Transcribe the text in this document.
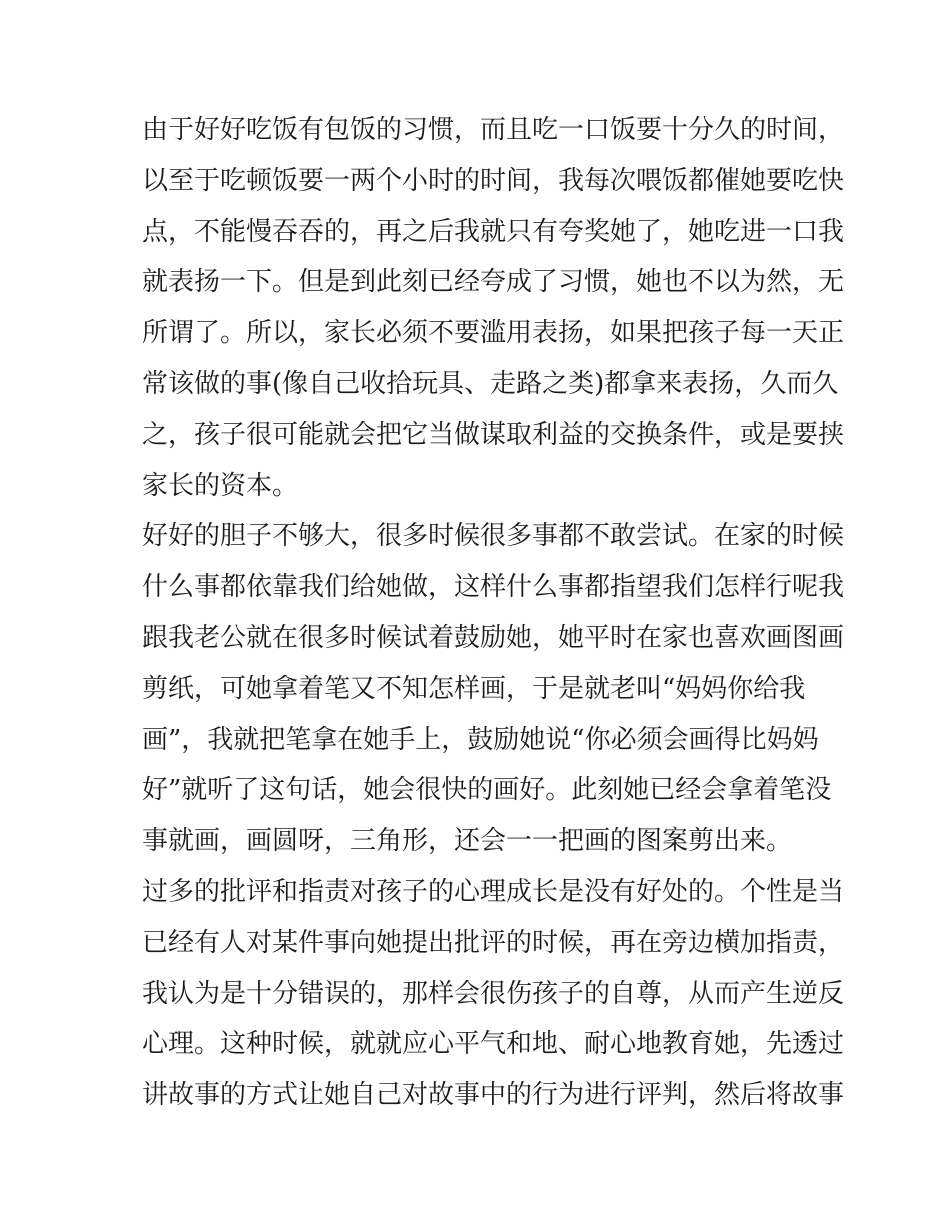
由于好好吃饭有包饭的习惯，而且吃一口饭要十分久的时间，
以至于吃顿饭要一两个小时的时间，我每次喂饭都催她要吃快
点，不能慢吞吞的，再之后我就只有夸奖她了，她吃进一口我
就表扬一下。但是到此刻已经夸成了习惯，她也不以为然，无
所谓了。所以，家长必须不要滥用表扬，如果把孩子每一天正
常该做的事(像自己收拾玩具、走路之类)都拿来表扬，久而久
之，孩子很可能就会把它当做谋取利益的交换条件，或是要挟
家长的资本。
好好的胆子不够大，很多时候很多事都不敢尝试。在家的时候
什么事都依靠我们给她做，这样什么事都指望我们怎样行呢我
跟我老公就在很多时候试着鼓励她，她平时在家也喜欢画图画
剪纸，可她拿着笔又不知怎样画，于是就老叫“妈妈你给我
画”，我就把笔拿在她手上，鼓励她说“你必须会画得比妈妈
好”就听了这句话，她会很快的画好。此刻她已经会拿着笔没
事就画，画圆呀，三角形，还会一一把画的图案剪出来。
过多的批评和指责对孩子的心理成长是没有好处的。个性是当
已经有人对某件事向她提出批评的时候，再在旁边横加指责，
我认为是十分错误的，那样会很伤孩子的自尊，从而产生逆反
心理。这种时候，就就应心平气和地、耐心地教育她，先透过
讲故事的方式让她自己对故事中的行为进行评判，然后将故事
